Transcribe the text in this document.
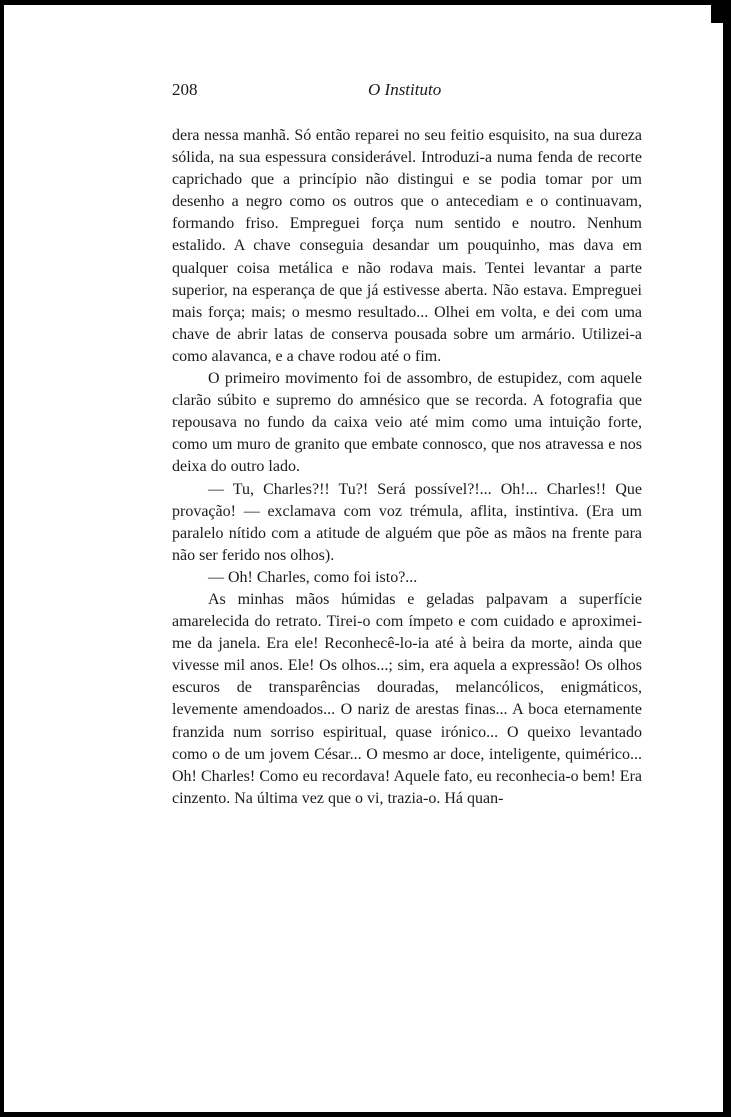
208	O Instituto

dera nessa manhã. Só então reparei no seu feitio esquisito, na sua dureza sólida, na sua espessura considerável. Introduzi-a numa fenda de recorte caprichado que a princípio não distingui e se podia tomar por um desenho a negro como os outros que o antecediam e o continuavam, formando friso. Empreguei força num sentido e noutro. Nenhum estalido. A chave conseguia desandar um pouquinho, mas dava em qualquer coisa metálica e não rodava mais. Tentei levantar a parte superior, na esperança de que já estivesse aberta. Não estava. Empreguei mais força; mais; o mesmo resultado... Olhei em volta, e dei com uma chave de abrir latas de conserva pousada sobre um armário. Utilizei-a como alavanca, e a chave rodou até o fim.

O primeiro movimento foi de assombro, de estupidez, com aquele clarão súbito e supremo do amnésico que se recorda. A fotografia que repousava no fundo da caixa veio até mim como uma intuição forte, como um muro de granito que embate connosco, que nos atravessa e nos deixa do outro lado.

— Tu, Charles?!! Tu?! Será possível?!... Oh!... Charles!! Que provação! — exclamava com voz trémula, aflita, instintiva. (Era um paralelo nítido com a atitude de alguém que põe as mãos na frente para não ser ferido nos olhos).

— Oh! Charles, como foi isto?...

As minhas mãos húmidas e geladas palpavam a superfície amarelecida do retrato. Tirei-o com ímpeto e com cuidado e aproximei-me da janela. Era ele! Reconhecê-lo-ia até à beira da morte, ainda que vivesse mil anos. Ele! Os olhos...; sim, era aquela a expressão! Os olhos escuros de transparências douradas, melancólicos, enigmáticos, levemente amendoados... O nariz de arestas finas... A boca eternamente franzida num sorriso espiritual, quase irónico... O queixo levantado como o de um jovem César... O mesmo ar doce, inteligente, quimérico... Oh! Charles! Como eu recordava! Aquele fato, eu reconhecia-o bem! Era cinzento. Na última vez que o vi, trazia-o. Há quan-
